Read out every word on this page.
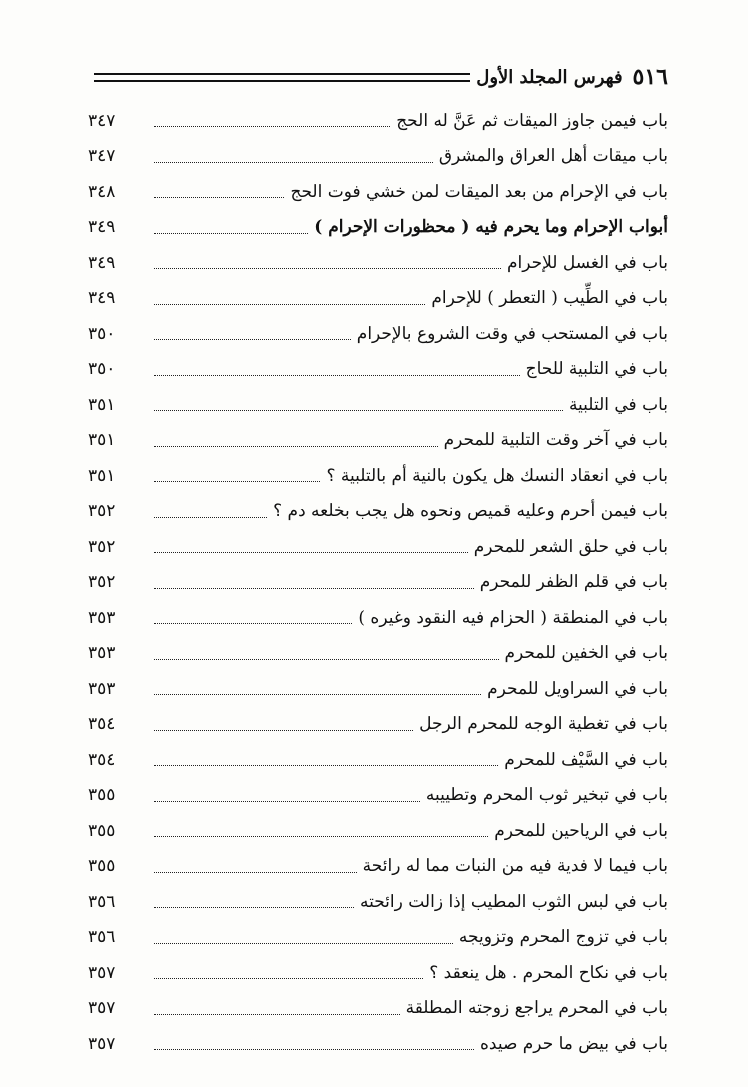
٥١٦
فهرس المجلد الأول
باب فيمن جاوز الميقات ثم عَنَّ له الحج
٣٤٧
باب ميقات أهل العراق والمشرق
٣٤٧
باب في الإحرام من بعد الميقات لمن خشي فوت الحج
٣٤٨
أبواب الإحرام وما يحرم فيه ( محظورات الإحرام )
٣٤٩
باب في الغسل للإحرام
٣٤٩
باب في الطِّيب ( التعطر ) للإحرام
٣٤٩
باب في المستحب في وقت الشروع بالإحرام
٣٥٠
باب في التلبية للحاج
٣٥٠
باب في التلبية
٣٥١
باب في آخر وقت التلبية للمحرم
٣٥١
باب في انعقاد النسك هل يكون بالنية أم بالتلبية ؟
٣٥١
باب فيمن أحرم وعليه قميص ونحوه هل يجب بخلعه دم ؟
٣٥٢
باب في حلق الشعر للمحرم
٣٥٢
باب في قلم الظفر للمحرم
٣٥٢
باب في المنطقة ( الحزام فيه النقود وغيره )
٣٥٣
باب في الخفين للمحرم
٣٥٣
باب في السراويل للمحرم
٣٥٣
باب في تغطية الوجه للمحرم الرجل
٣٥٤
باب في السَّيْف للمحرم
٣٥٤
باب في تبخير ثوب المحرم وتطييبه
٣٥٥
باب في الرياحين للمحرم
٣٥٥
باب فيما لا فدية فيه من النبات مما له رائحة
٣٥٥
باب في لبس الثوب المطيب إذا زالت رائحته
٣٥٦
باب في تزوج المحرم وتزويجه
٣٥٦
باب في نكاح المحرم . هل ينعقد ؟
٣٥٧
باب في المحرم يراجع زوجته المطلقة
٣٥٧
باب في بيض ما حرم صيده
٣٥٧
